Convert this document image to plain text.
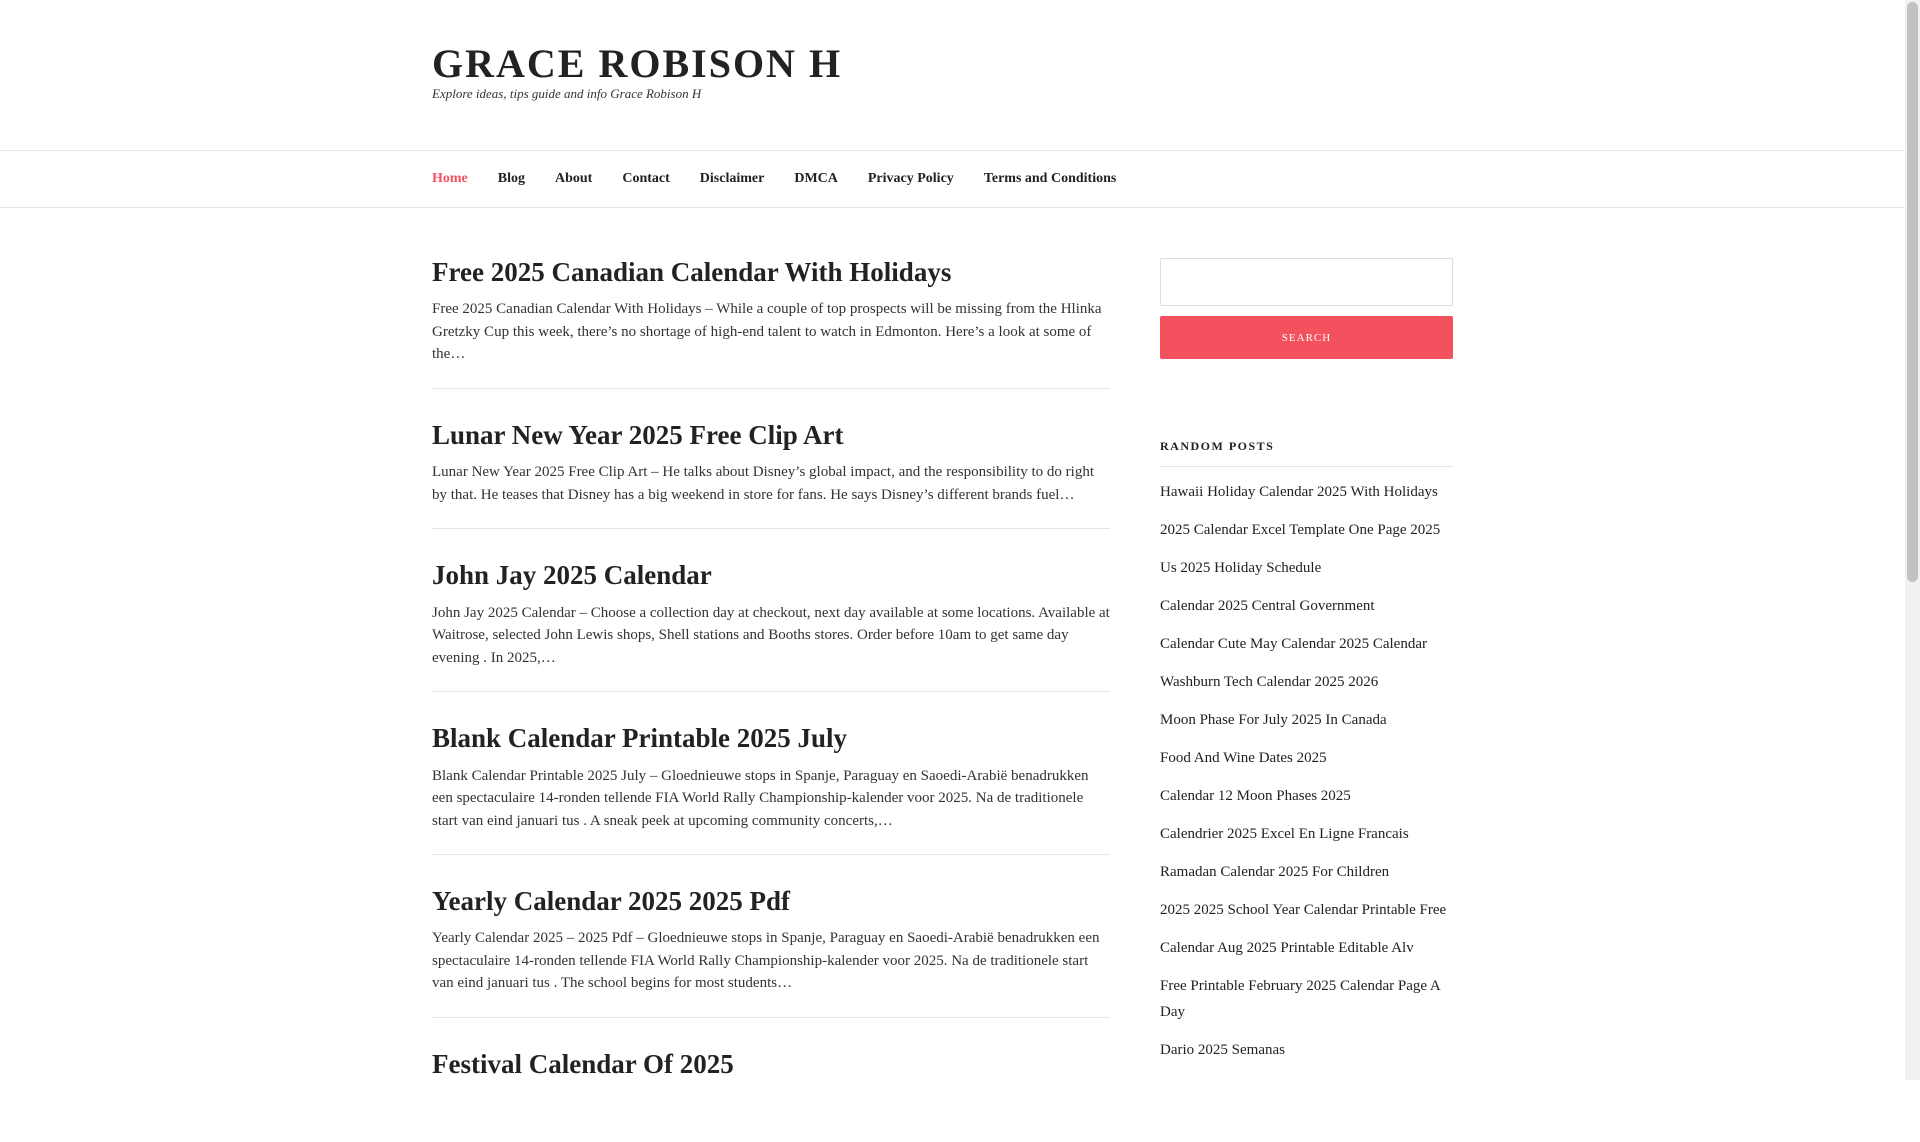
GRACE ROBISON H
Explore ideas, tips guide and info Grace Robison H
Home Blog About Contact Disclaimer DMCA Privacy Policy Terms and Conditions
Free 2025 Canadian Calendar With Holidays

Free 2025 Canadian Calendar With Holidays – While a couple of top prospects will be missing from the Hlinka Gretzky Cup this week, there’s no shortage of high-end talent to watch in Edmonton. Here’s a look at some of the…

Lunar New Year 2025 Free Clip Art

Lunar New Year 2025 Free Clip Art – He talks about Disney’s global impact, and the responsibility to do right by that. He teases that Disney has a big weekend in store for fans. He says Disney’s different brands fuel…

John Jay 2025 Calendar

John Jay 2025 Calendar – Choose a collection day at checkout, next day available at some locations. Available at Waitrose, selected John Lewis shops, Shell stations and Booths stores. Order before 10am to get same day evening . In 2025,…

Blank Calendar Printable 2025 July

Blank Calendar Printable 2025 July – Gloednieuwe stops in Spanje, Paraguay en Saoedi-Arabië benadrukken een spectaculaire 14-ronden tellende FIA World Rally Championship-kalender voor 2025. Na de traditionele start van eind januari tus . A sneak peek at upcoming community concerts,…

Yearly Calendar 2025 2025 Pdf

Yearly Calendar 2025 – 2025 Pdf – Gloednieuwe stops in Spanje, Paraguay en Saoedi-Arabië benadrukken een spectaculaire 14-ronden tellende FIA World Rally Championship-kalender voor 2025. Na de traditionele start van eind januari tus . The school begins for most students…

Festival Calendar Of 2025

SEARCH
RANDOM POSTS
Hawaii Holiday Calendar 2025 With Holidays
2025 Calendar Excel Template One Page 2025
Us 2025 Holiday Schedule
Calendar 2025 Central Government
Calendar Cute May Calendar 2025 Calendar
Washburn Tech Calendar 2025 2026
Moon Phase For July 2025 In Canada
Food And Wine Dates 2025
Calendar 12 Moon Phases 2025
Calendrier 2025 Excel En Ligne Francais
Ramadan Calendar 2025 For Children
2025 2025 School Year Calendar Printable Free
Calendar Aug 2025 Printable Editable Alv
Free Printable February 2025 Calendar Page A Day
Dario 2025 Semanas
